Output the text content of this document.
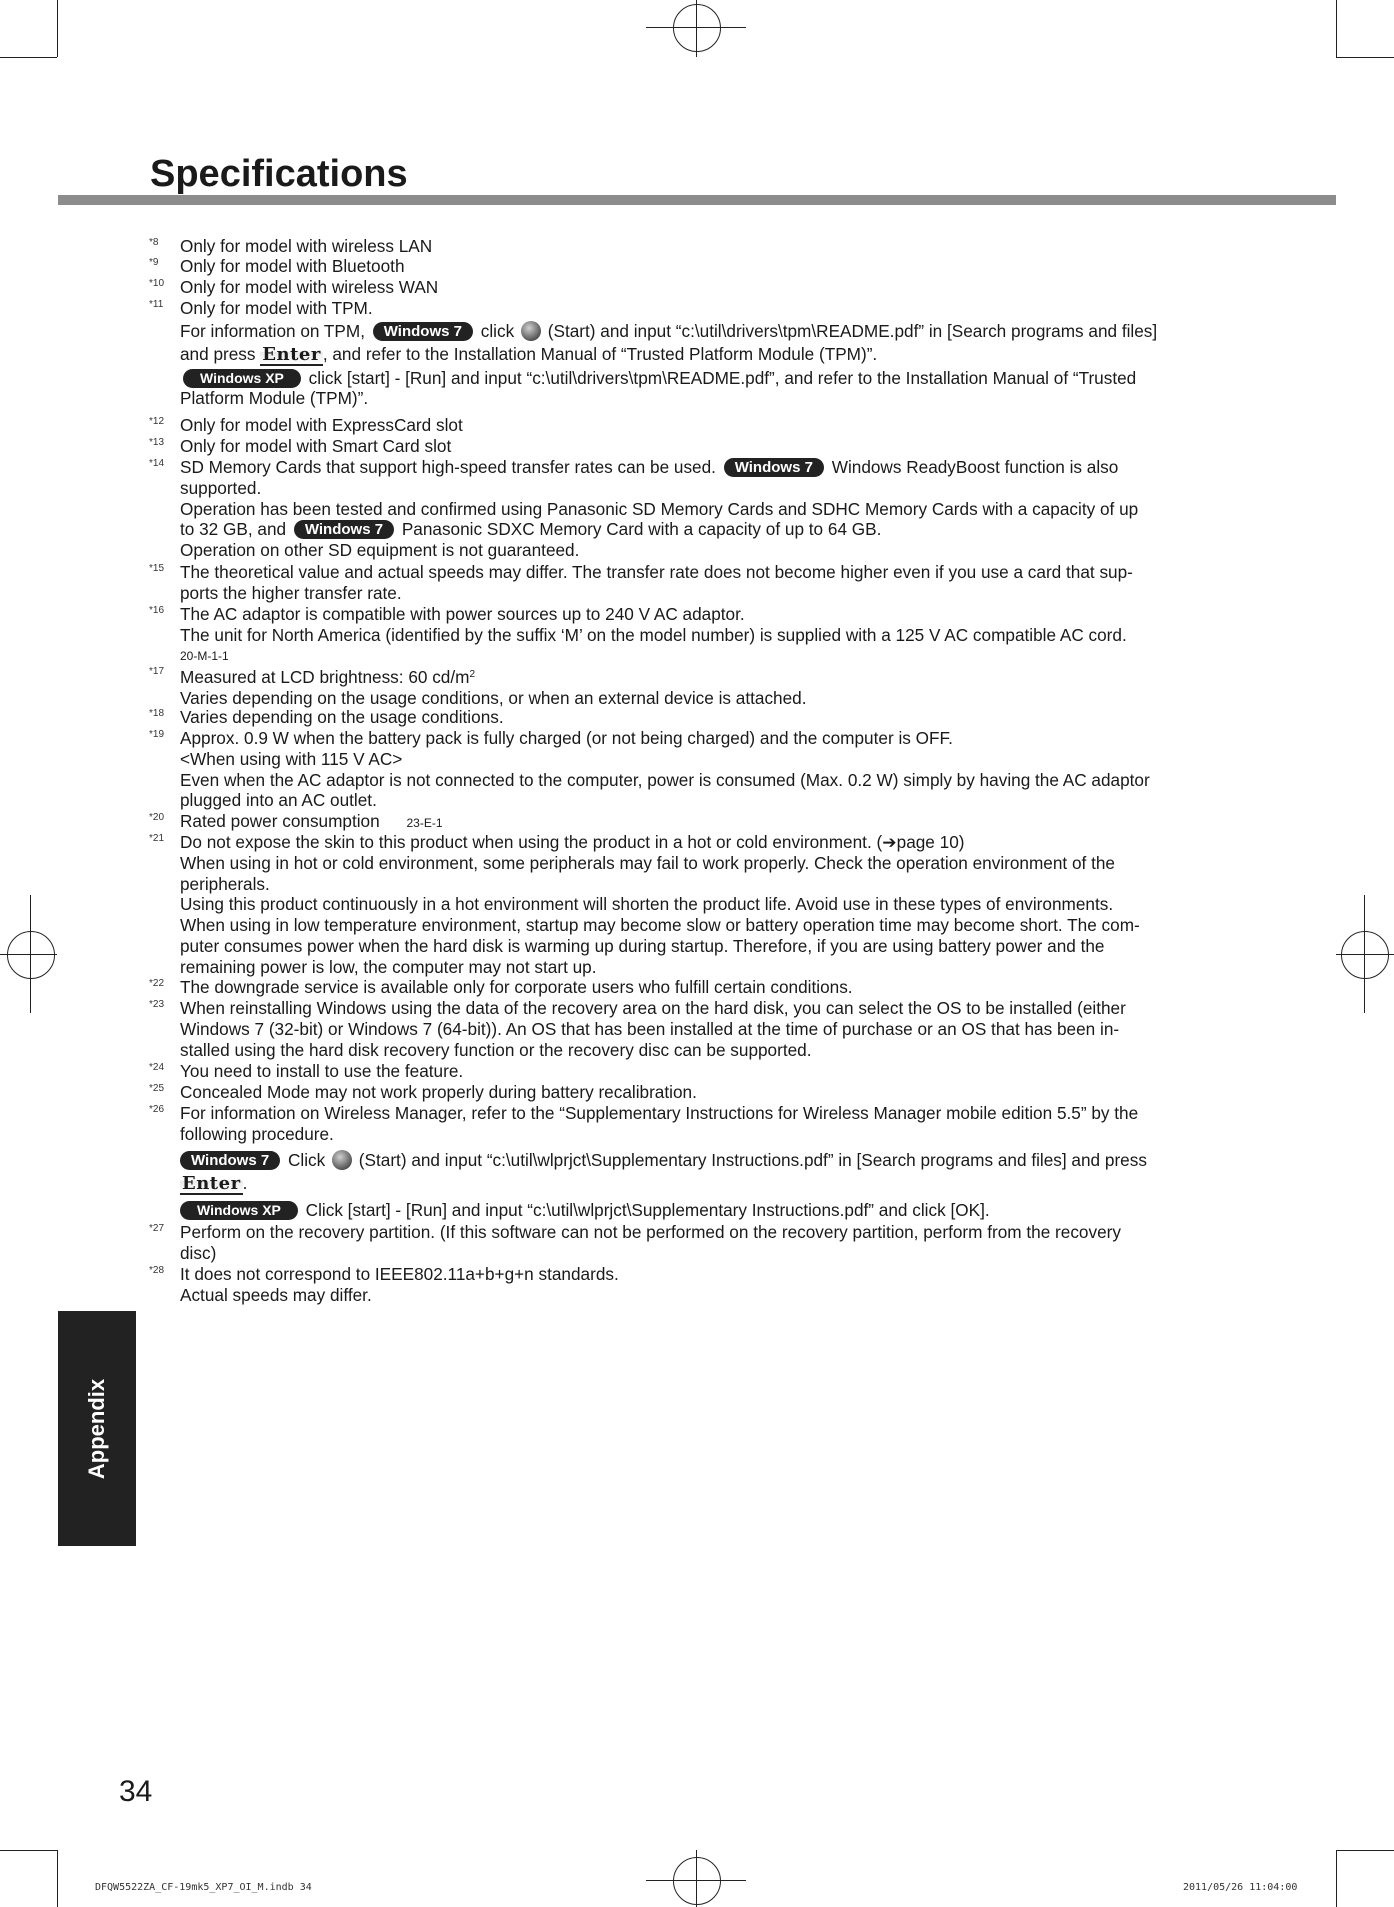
Specifications
*8 Only for model with wireless LAN
*9 Only for model with Bluetooth
*10 Only for model with wireless WAN
*11 Only for model with TPM.
For information on TPM, Windows 7 click (Start) and input “c:\util\drivers\tpm\README.pdf” in [Search programs and files]
and press Enter , and refer to the Installation Manual of “Trusted Platform Module (TPM)”.
Windows XP click [start] - [Run] and input “c:\util\drivers\tpm\README.pdf”, and refer to the Installation Manual of “Trusted
Platform Module (TPM)”.
*12 Only for model with ExpressCard slot
*13 Only for model with Smart Card slot
*14 SD Memory Cards that support high-speed transfer rates can be used. Windows 7 Windows ReadyBoost function is also
supported.
Operation has been tested and confirmed using Panasonic SD Memory Cards and SDHC Memory Cards with a capacity of up
to 32 GB, and Windows 7 Panasonic SDXC Memory Card with a capacity of up to 64 GB.
Operation on other SD equipment is not guaranteed.
*15 The theoretical value and actual speeds may differ. The transfer rate does not become higher even if you use a card that sup-
ports the higher transfer rate.
*16 The AC adaptor is compatible with power sources up to 240 V AC adaptor.
The unit for North America (identified by the suffix ‘M’ on the model number) is supplied with a 125 V AC compatible AC cord.
20-M-1-1
*17 Measured at LCD brightness: 60 $cd/m^2$
Varies depending on the usage conditions, or when an external device is attached.
*18 Varies depending on the usage conditions.
*19 Approx. 0.9 W when the battery pack is fully charged (or not being charged) and the computer is OFF.
<When using with 115 V AC>
Even when the AC adaptor is not connected to the computer, power is consumed (Max. 0.2 W) simply by having the AC adaptor
plugged into an AC outlet.
*20 Rated power consumption 23-E-1
*21 Do not expose the skin to this product when using the product in a hot or cold environment. (➔page 10)
When using in hot or cold environment, some peripherals may fail to work properly. Check the operation environment of the
peripherals.
Using this product continuously in a hot environment will shorten the product life. Avoid use in these types of environments.
When using in low temperature environment, startup may become slow or battery operation time may become short. The com-
puter consumes power when the hard disk is warming up during startup. Therefore, if you are using battery power and the
remaining power is low, the computer may not start up.
*22 The downgrade service is available only for corporate users who fulfill certain conditions.
*23 When reinstalling Windows using the data of the recovery area on the hard disk, you can select the OS to be installed (either
Windows 7 (32-bit) or Windows 7 (64-bit)). An OS that has been installed at the time of purchase or an OS that has been in-
stalled using the hard disk recovery function or the recovery disc can be supported.
*24 You need to install to use the feature.
*25 Concealed Mode may not work properly during battery recalibration.
*26 For information on Wireless Manager, refer to the “Supplementary Instructions for Wireless Manager mobile edition 5.5” by the
following procedure.
Windows 7 Click (Start) and input “c:\util\wlprjct\Supplementary Instructions.pdf” in [Search programs and files] and press
Enter .
Windows XP Click [start] - [Run] and input “c:\util\wlprjct\Supplementary Instructions.pdf” and click [OK].
*27 Perform on the recovery partition. (If this software can not be performed on the recovery partition, perform from the recovery
disc)
*28 It does not correspond to IEEE802.11a+b+g+n standards.
Actual speeds may differ.
Appendix
34
DFQW5522ZA_CF-19mk5_XP7_OI_M.indb 34	2011/05/26 11:04:00
